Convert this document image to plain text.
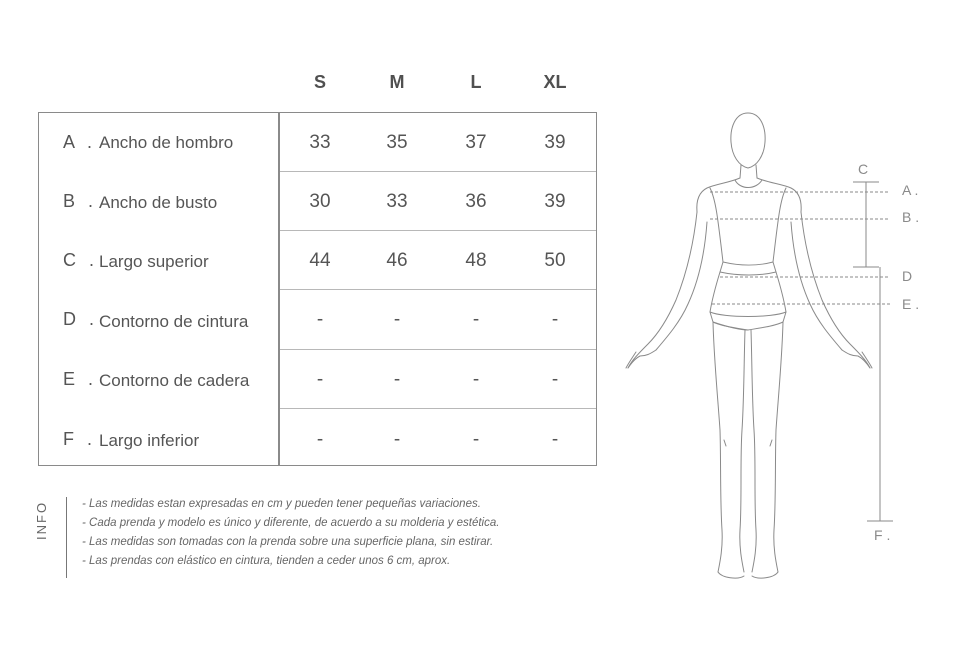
S	M	L	XL
A . Ancho de hombro	33	35	37	39
B . Ancho de busto	30	33	36	39
C . Largo superior	44	46	48	50
D . Contorno de cintura	-	-	-	-
E . Contorno de cadera	-	-	-	-
F . Largo inferior	-	-	-	-
INFO	- Las medidas estan expresadas en cm y pueden tener pequeñas variaciones.
- Cada prenda y modelo es único y diferente, de acuerdo a su molderia y estética.
- Las medidas son tomadas con la prenda sobre una superficie plana, sin estirar.
- Las prendas con elástico en cintura, tienden a ceder unos 6 cm, aprox.
C
A .
B .
D
E .
F .
